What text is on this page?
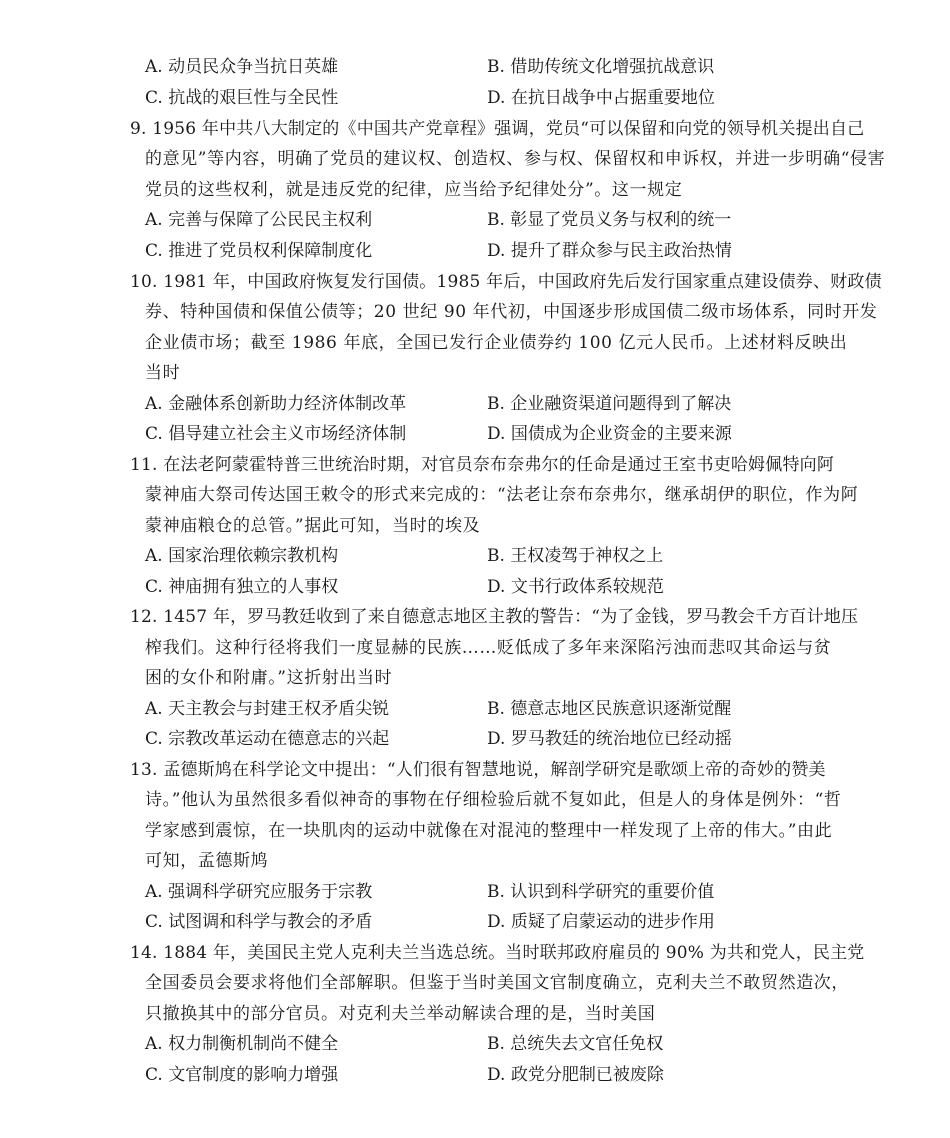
A. 动员民众争当抗日英雄	B. 借助传统文化增强抗战意识
C. 抗战的艰巨性与全民性	D. 在抗日战争中占据重要地位
9. 1956 年中共八大制定的《中国共产党章程》强调，党员“可以保留和向党的领导机关提出自己
的意见”等内容，明确了党员的建议权、创造权、参与权、保留权和申诉权，并进一步明确“侵害
党员的这些权利，就是违反党的纪律，应当给予纪律处分”。这一规定
A. 完善与保障了公民民主权利	B. 彰显了党员义务与权利的统一
C. 推进了党员权利保障制度化	D. 提升了群众参与民主政治热情
10. 1981 年，中国政府恢复发行国债。1985 年后，中国政府先后发行国家重点建设债券、财政债
券、特种国债和保值公债等；20 世纪 90 年代初，中国逐步形成国债二级市场体系，同时开发
企业债市场；截至 1986 年底，全国已发行企业债券约 100 亿元人民币。上述材料反映出
当时
A. 金融体系创新助力经济体制改革	B. 企业融资渠道问题得到了解决
C. 倡导建立社会主义市场经济体制	D. 国债成为企业资金的主要来源
11. 在法老阿蒙霍特普三世统治时期，对官员奈布奈弗尔的任命是通过王室书吏哈姆佩特向阿
蒙神庙大祭司传达国王敕令的形式来完成的：“法老让奈布奈弗尔，继承胡伊的职位，作为阿
蒙神庙粮仓的总管。”据此可知，当时的埃及
A. 国家治理依赖宗教机构	B. 王权凌驾于神权之上
C. 神庙拥有独立的人事权	D. 文书行政体系较规范
12. 1457 年，罗马教廷收到了来自德意志地区主教的警告：“为了金钱，罗马教会千方百计地压
榨我们。这种行径将我们一度显赫的民族……贬低成了多年来深陷污浊而悲叹其命运与贫
困的女仆和附庸。”这折射出当时
A. 天主教会与封建王权矛盾尖锐	B. 德意志地区民族意识逐渐觉醒
C. 宗教改革运动在德意志的兴起	D. 罗马教廷的统治地位已经动摇
13. 孟德斯鸠在科学论文中提出：“人们很有智慧地说，解剖学研究是歌颂上帝的奇妙的赞美
诗。”他认为虽然很多看似神奇的事物在仔细检验后就不复如此，但是人的身体是例外：“哲
学家感到震惊，在一块肌肉的运动中就像在对混沌的整理中一样发现了上帝的伟大。”由此
可知，孟德斯鸠
A. 强调科学研究应服务于宗教	B. 认识到科学研究的重要价值
C. 试图调和科学与教会的矛盾	D. 质疑了启蒙运动的进步作用
14. 1884 年，美国民主党人克利夫兰当选总统。当时联邦政府雇员的 90% 为共和党人，民主党
全国委员会要求将他们全部解职。但鉴于当时美国文官制度确立，克利夫兰不敢贸然造次，
只撤换其中的部分官员。对克利夫兰举动解读合理的是，当时美国
A. 权力制衡机制尚不健全	B. 总统失去文官任免权
C. 文官制度的影响力增强	D. 政党分肥制已被废除
